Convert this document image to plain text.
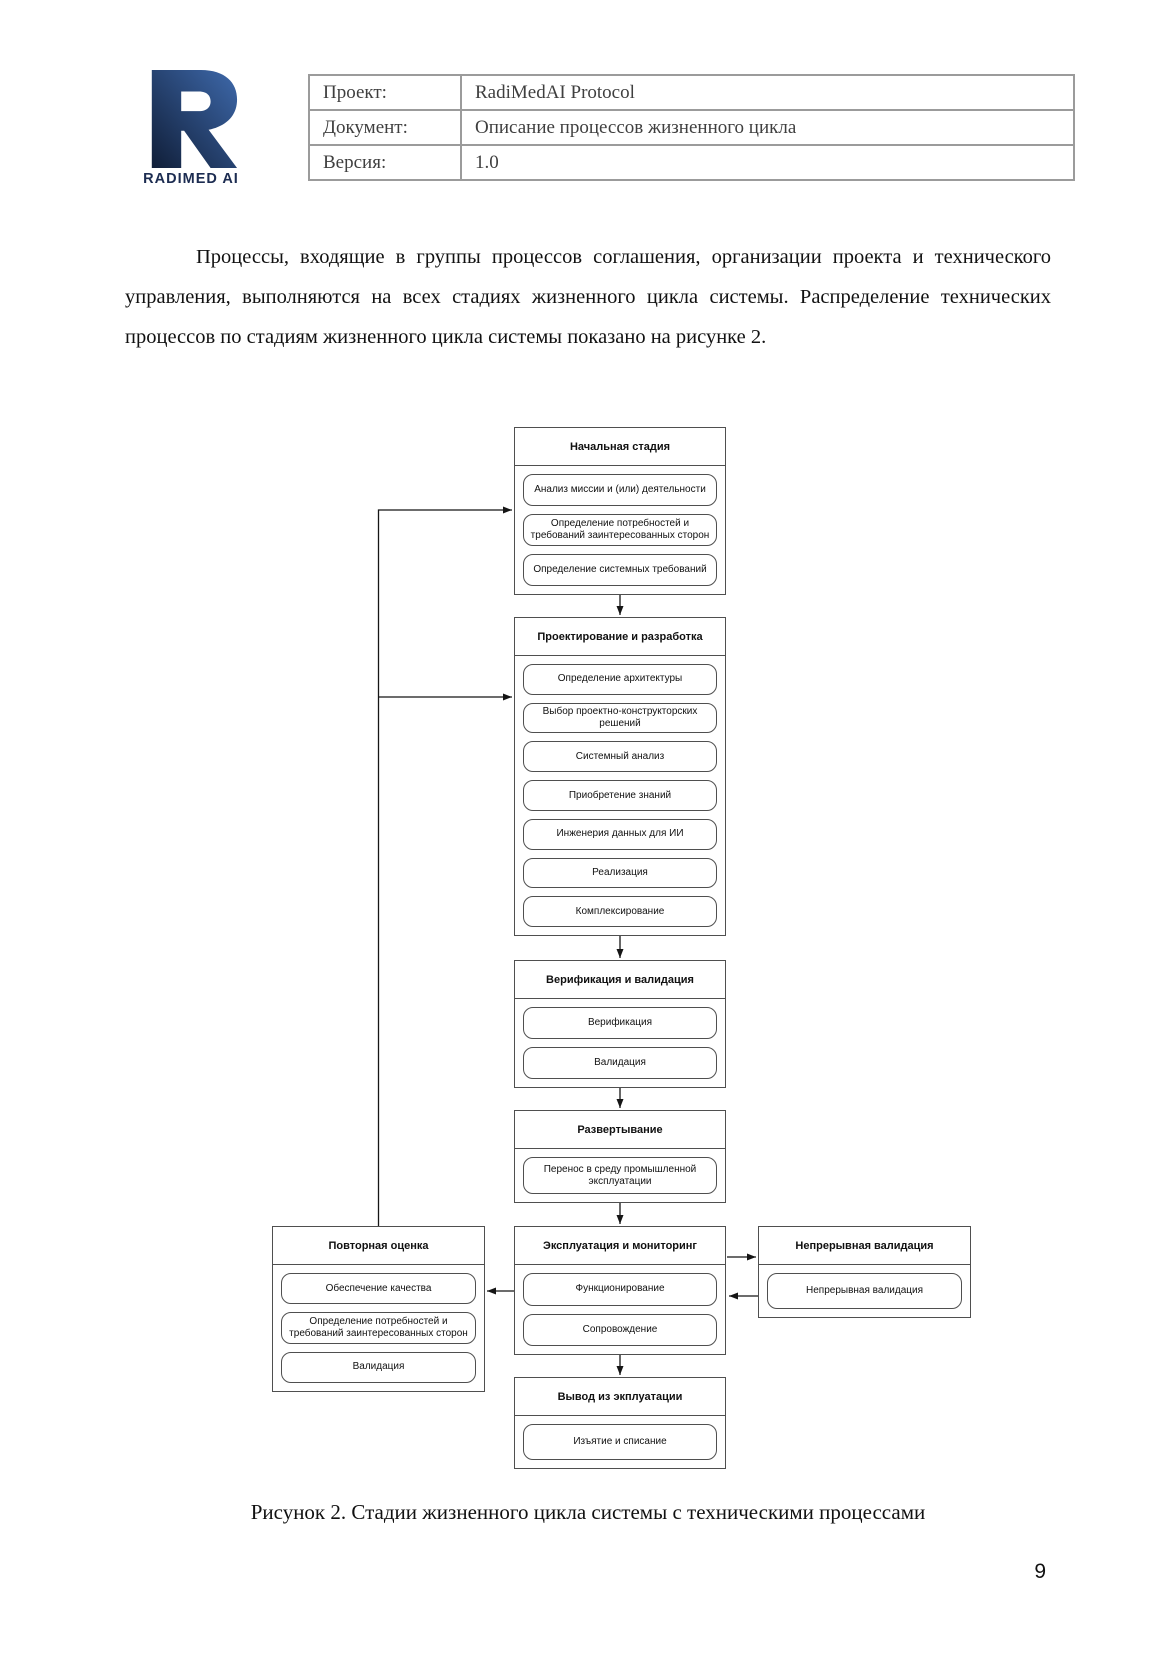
RADIMED AI
Проект:	RadiMedAI Protocol
Документ:	Описание процессов жизненного цикла
Версия:	1.0
Процессы, входящие в группы процессов соглашения, организации проекта и технического управления, выполняются на всех стадиях жизненного цикла системы. Распределение технических процессов по стадиям жизненного цикла системы показано на рисунке 2.
Начальная стадия
Анализ миссии и (или) деятельности
Определение потребностей и требований заинтересованных сторон
Определение системных требований
Проектирование и разработка
Определение архитектуры
Выбор проектно-конструкторских решений
Системный анализ
Приобретение знаний
Инженерия данных для ИИ
Реализация
Комплексирование
Верификация и валидация
Верификация
Валидация
Развертывание
Перенос в среду промышленной эксплуатации
Эксплуатация и мониторинг
Функционирование
Сопровождение
Вывод из экплуатации
Изъятие и списание
Повторная оценка
Обеспечение качества
Определение потребностей и требований заинтересованных сторон
Валидация
Непрерывная валидация
Непрерывная валидация
Рисунок 2. Стадии жизненного цикла системы с техническими процессами
9
